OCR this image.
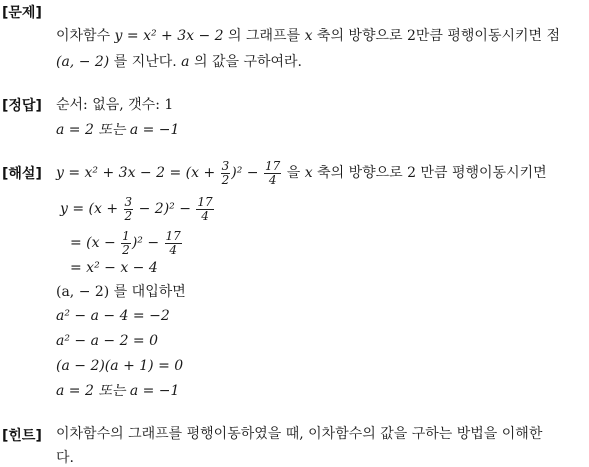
[문제]
이차함수 y = x² + 3x − 2 의 그래프를 x 축의 방향으로 2만큼 평행이동시키면 점
(a, − 2) 를 지난다. a 의 값을 구하여라.
[정답] 순서: 없음, 갯수: 1
a = 2 또는 a = −1
[해설] $y = x^2 + 3x - 2 = (x + \frac{3}{2} )^2 - \frac{17}{4}$ 을 x 축의 방향으로 2 만큼 평행이동시키면
$y = (x + \frac{3}{2} - 2)^2 - \frac{17}{4}$
= $(x - \frac{1}{2} )^2 - \frac{17}{4}$
= x² − x − 4
(a, − 2) 를 대입하면
a² − a − 4 = −2
a² − a − 2 = 0
(a − 2)(a + 1) = 0
a = 2 또는 a = −1
[힌트] 이차함수의 그래프를 평행이동하였을 때, 이차함수의 값을 구하는 방법을 이해한
다.
